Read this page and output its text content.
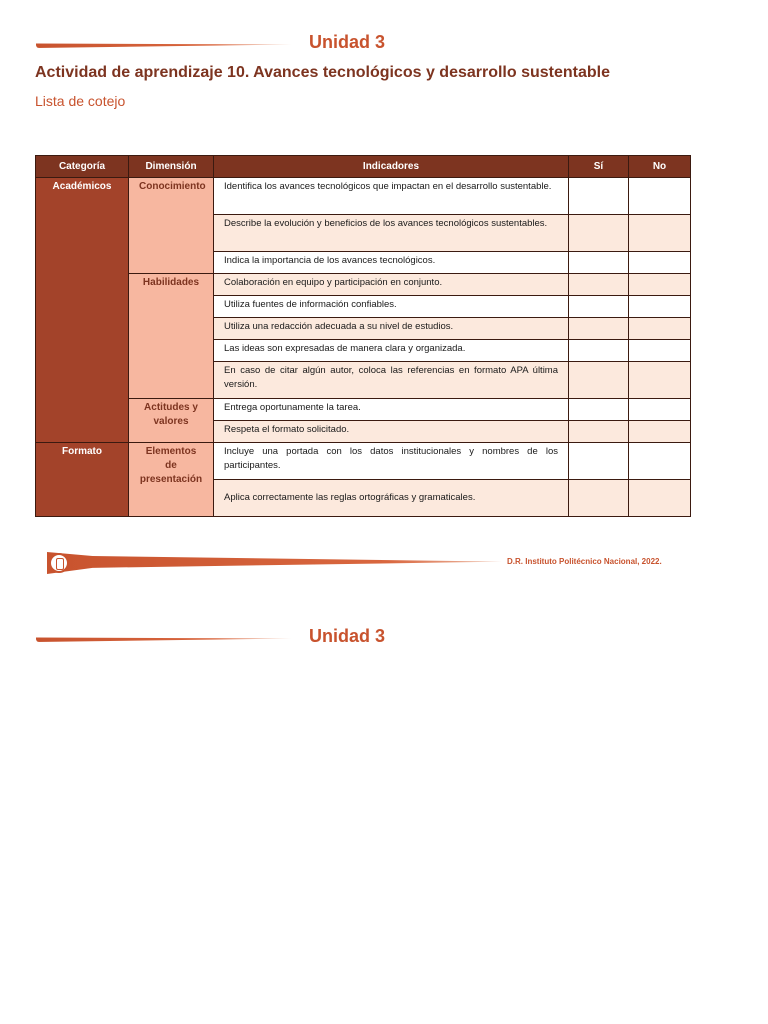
Unidad 3
Actividad de aprendizaje 10. Avances tecnológicos y desarrollo sustentable
Lista de cotejo
Categoría	Dimensión	Indicadores	Sí	No
Académicos	Conocimiento	Identifica los avances tecnológicos que impactan en el desarrollo sustentable.		
		Describe la evolución y beneficios de los avances tecnológicos sustentables.		
		Indica la importancia de los avances tecnológicos.		
	Habilidades	Colaboración en equipo y participación en conjunto.		
		Utiliza fuentes de información confiables.		
		Utiliza una redacción adecuada a su nivel de estudios.		
		Las ideas son expresadas de manera clara y organizada.		
		En caso de citar algún autor, coloca las referencias en formato APA última versión.		
	Actitudes y valores	Entrega oportunamente la tarea.		
		Respeta el formato solicitado.		
Formato	Elementos de presentación	Incluye una portada con los datos institucionales y nombres de los participantes.		
		Aplica correctamente las reglas ortográficas y gramaticales.		
D.R. Instituto Politécnico Nacional, 2022.
Unidad 3
